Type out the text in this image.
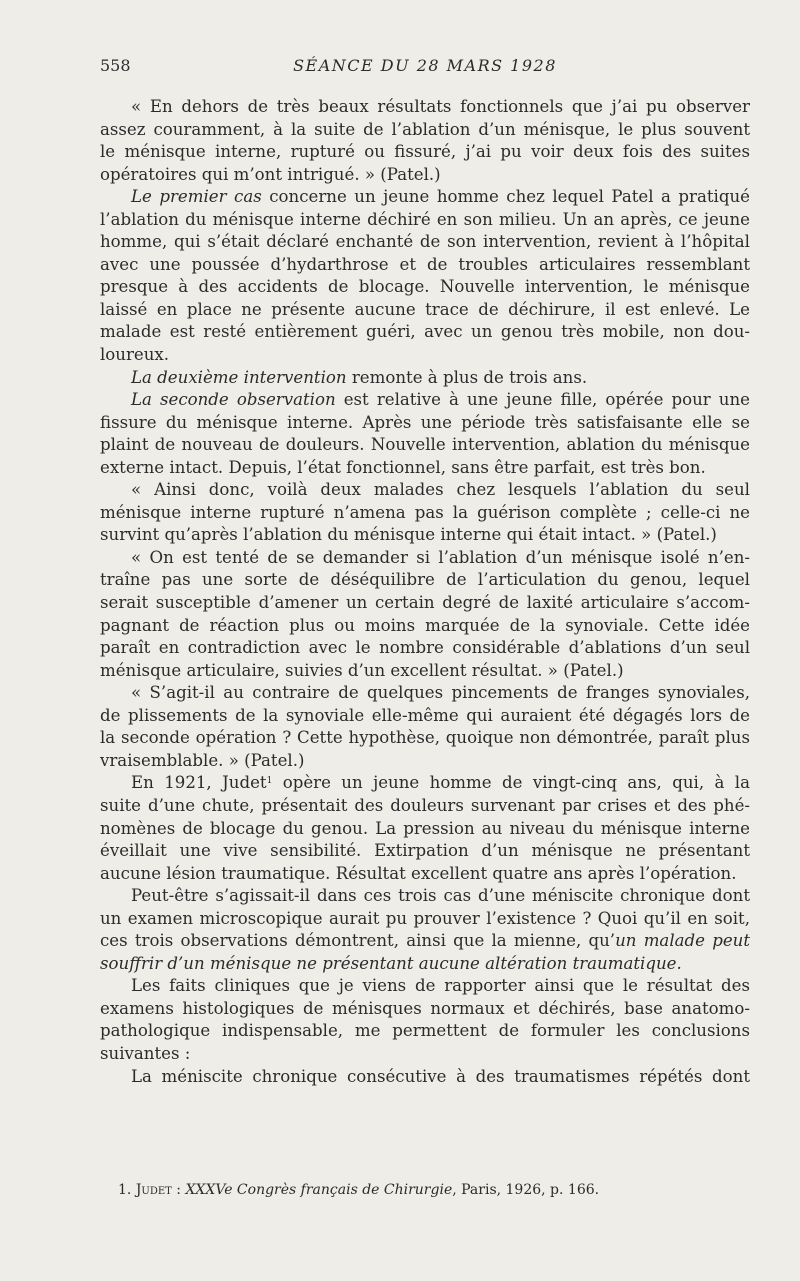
558	SÉANCE DU 28 MARS 1928
« En dehors de très beaux résultats fonctionnels que j’ai pu observer
assez couramment, à la suite de l’ablation d’un ménisque, le plus souvent
le ménisque interne, rupturé ou fissuré, j’ai pu voir deux fois des suites
opératoires qui m’ont intrigué. » (Patel.)
Le premier cas concerne un jeune homme chez lequel Patel a pratiqué
l’ablation du ménisque interne déchiré en son milieu. Un an après, ce jeune
homme, qui s’était déclaré enchanté de son intervention, revient à l’hôpital
avec une poussée d’hydarthrose et de troubles articulaires ressemblant
presque à des accidents de blocage. Nouvelle intervention, le ménisque
laissé en place ne présente aucune trace de déchirure, il est enlevé. Le
malade est resté entièrement guéri, avec un genou très mobile, non dou-
loureux.
La deuxième intervention remonte à plus de trois ans.
La seconde observation est relative à une jeune fille, opérée pour une
fissure du ménisque interne. Après une période très satisfaisante elle se
plaint de nouveau de douleurs. Nouvelle intervention, ablation du ménisque
externe intact. Depuis, l’état fonctionnel, sans être parfait, est très bon.
« Ainsi donc, voilà deux malades chez lesquels l’ablation du seul
ménisque interne rupturé n’amena pas la guérison complète ; celle-ci ne
survint qu’après l’ablation du ménisque interne qui était intact. » (Patel.)
« On est tenté de se demander si l’ablation d’un ménisque isolé n’en-
traîne pas une sorte de déséquilibre de l’articulation du genou, lequel
serait susceptible d’amener un certain degré de laxité articulaire s’accom-
pagnant de réaction plus ou moins marquée de la synoviale. Cette idée
paraît en contradiction avec le nombre considérable d’ablations d’un seul
ménisque articulaire, suivies d’un excellent résultat. » (Patel.)
« S’agit-il au contraire de quelques pincements de franges synoviales,
de plissements de la synoviale elle-même qui auraient été dégagés lors de
la seconde opération ? Cette hypothèse, quoique non démontrée, paraît plus
vraisemblable. » (Patel.)
En 1921, Judet$^1$ opère un jeune homme de vingt-cinq ans, qui, à la
suite d’une chute, présentait des douleurs survenant par crises et des phé-
nomènes de blocage du genou. La pression au niveau du ménisque interne
éveillait une vive sensibilité. Extirpation d’un ménisque ne présentant
aucune lésion traumatique. Résultat excellent quatre ans après l’opération.
Peut-être s’agissait-il dans ces trois cas d’une méniscite chronique dont
un examen microscopique aurait pu prouver l’existence ? Quoi qu’il en soit,
ces trois observations démontrent, ainsi que la mienne, qu’un malade peut
souffrir d’un ménisque ne présentant aucune altération traumatique.
Les faits cliniques que je viens de rapporter ainsi que le résultat des
examens histologiques de ménisques normaux et déchirés, base anatomo-
pathologique indispensable, me permettent de formuler les conclusions
suivantes :
La méniscite chronique consécutive à des traumatismes répétés dont
1. Judet : XXXVe Congrès français de Chirurgie, Paris, 1926, p. 166.
